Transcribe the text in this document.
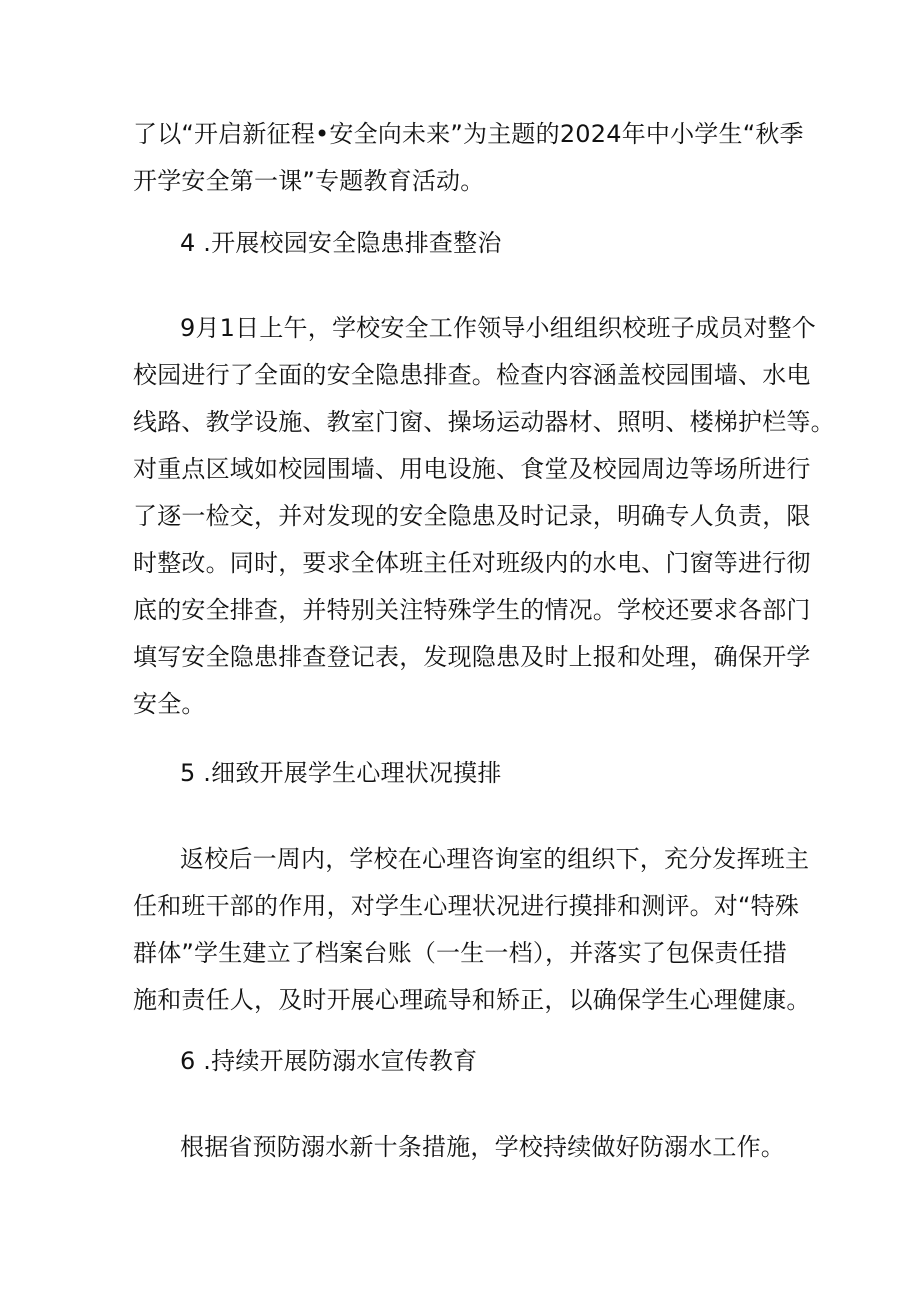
了以“开启新征程•安全向未来”为主题的2024年中小学生“秋季
开学安全第一课”专题教育活动。
4 .开展校园安全隐患排查整治
9月1日上午，学校安全工作领导小组组织校班子成员对整个
校园进行了全面的安全隐患排查。检查内容涵盖校园围墙、水电
线路、教学设施、教室门窗、操场运动器材、照明、楼梯护栏等。
对重点区域如校园围墙、用电设施、食堂及校园周边等场所进行
了逐一检交，并对发现的安全隐患及时记录，明确专人负责，限
时整改。同时，要求全体班主任对班级内的水电、门窗等进行彻
底的安全排查，并特别关注特殊学生的情况。学校还要求各部门
填写安全隐患排查登记表，发现隐患及时上报和处理，确保开学
安全。
5 .细致开展学生心理状况摸排
返校后一周内，学校在心理咨询室的组织下，充分发挥班主
任和班干部的作用，对学生心理状况进行摸排和测评。对“特殊
群体”学生建立了档案台账（一生一档），并落实了包保责任措
施和责任人，及时开展心理疏导和矫正，以确保学生心理健康。
6 .持续开展防溺水宣传教育
根据省预防溺水新十条措施，学校持续做好防溺水工作。
